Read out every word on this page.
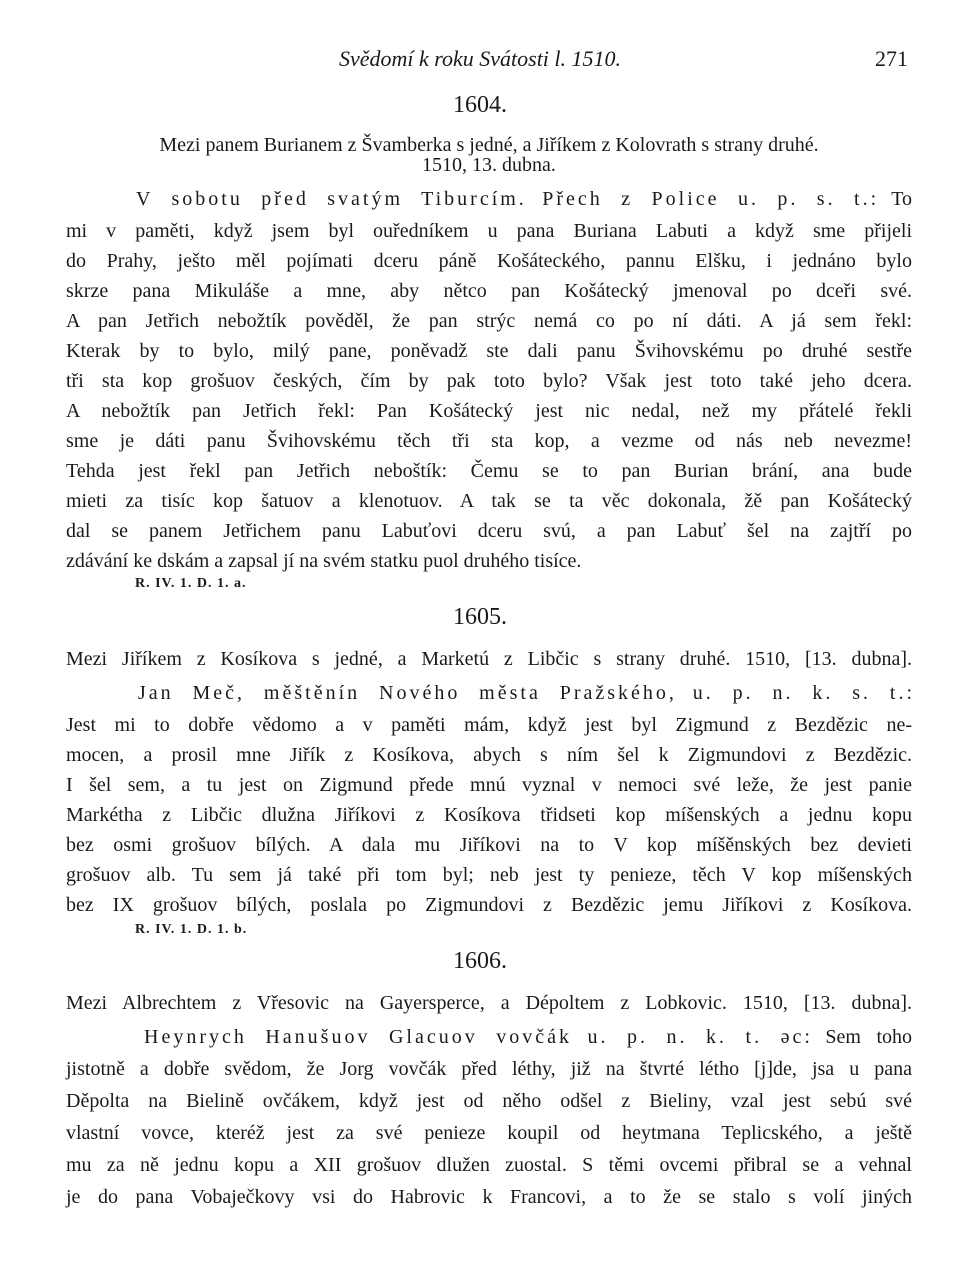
Svědomí k roku Svátosti l. 1510.	271
1604.
Mezi panem Burianem z Švamberka s jedné, a Jiříkem z Kolovrath s strany druhé.
1510, 13. dubna.
V sobotu před svatým Tiburcím. Přech z Police u. p. s. t.: To
mi v paměti, když jsem byl ouředníkem u pana Buriana Labuti a když sme přijeli
do Prahy, ješto měl pojímati dceru páně Košáteckého, pannu Elšku, i jednáno bylo
skrze pana Mikuláše a mne, aby nětco pan Košátecký jmenoval po dceři své.
A pan Jetřich nebožtík pověděl, že pan strýc nemá co po ní dáti. A já sem řekl:
Kterak by to bylo, milý pane, poněvadž ste dali panu Švihovskému po druhé sestře
tři sta kop grošuov českých, čím by pak toto bylo? Však jest toto také jeho dcera.
A nebožtík pan Jetřich řekl: Pan Košátecký jest nic nedal, než my přátelé řekli
sme je dáti panu Švihovskému těch tři sta kop, a vezme od nás neb nevezme!
Tehda jest řekl pan Jetřich neboštík: Čemu se to pan Burian brání, ana bude
mieti za tisíc kop šatuov a klenotuov. A tak se ta věc dokonala, žě pan Košátecký
dal se panem Jetřichem panu Labuťovi dceru svú, a pan Labuť šel na zajtří po
zdávání ke dskám a zapsal jí na svém statku puol druhého tisíce.
R. IV. 1. D. 1. a.
1605.
Mezi Jiříkem z Kosíkova s jedné, a Marketú z Libčic s strany druhé. 1510, [13. dubna].
Jan Meč, měštěnín Nového města Pražského, u. p. n. k. s. t.:
Jest mi to dobře vědomo a v paměti mám, když jest byl Zigmund z Bezdězic ne-
mocen, a prosil mne Jiřík z Kosíkova, abych s ním šel k Zigmundovi z Bezdězic.
I šel sem, a tu jest on Zigmund přede mnú vyznal v nemoci své leže, že jest panie
Markétha z Libčic dlužna Jiříkovi z Kosíkova třidseti kop míšenských a jednu kopu
bez osmi grošuov bílých. A dala mu Jiříkovi na to V kop míšěnských bez devieti
grošuov alb. Tu sem já také při tom byl; neb jest ty penieze, těch V kop míšenských
bez IX grošuov bílých, poslala po Zigmundovi z Bezdězic jemu Jiříkovi z Kosíkova.
R. IV. 1. D. 1. b.
1606.
Mezi Albrechtem z Vřesovic na Gayersperce, a Dépoltem z Lobkovic. 1510, [13. dubna].
Heynrych Hanušuov Glacuov vovčák u. p. n. k. t. əc: Sem toho
jistotně a dobře svědom, že Jorg vovčák před léthy, již na štvrté létho [j]de, jsa u pana
Děpolta na Bielině ovčákem, když jest od něho odšel z Bieliny, vzal jest sebú své
vlastní vovce, kteréž jest za své penieze koupil od heytmana Teplicského, a ještě
mu za ně jednu kopu a XII grošuov dlužen zuostal. S těmi ovcemi přibral se a vehnal
je do pana Vobaječkovy vsi do Habrovic k Francovi, a to že se stalo s volí jiných
